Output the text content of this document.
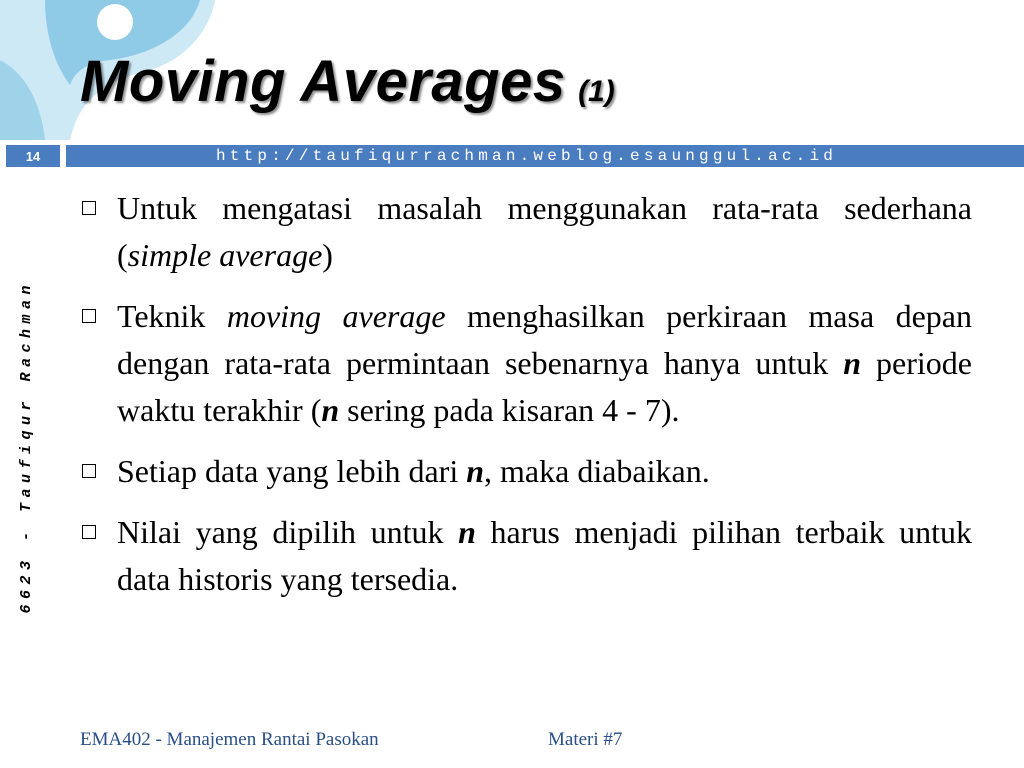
Moving Averages (1)
14	http://taufiqurrachman.weblog.esaunggul.ac.id
6623 - Taufiqur Rachman
Untuk mengatasi masalah menggunakan rata-rata sederhana (simple average)
Teknik moving average menghasilkan perkiraan masa depan dengan rata-rata permintaan sebenarnya hanya untuk n periode waktu terakhir (n sering pada kisaran 4 - 7).
Setiap data yang lebih dari n, maka diabaikan.
Nilai yang dipilih untuk n harus menjadi pilihan terbaik untuk data historis yang tersedia.
EMA402 - Manajemen Rantai Pasokan	Materi #7
